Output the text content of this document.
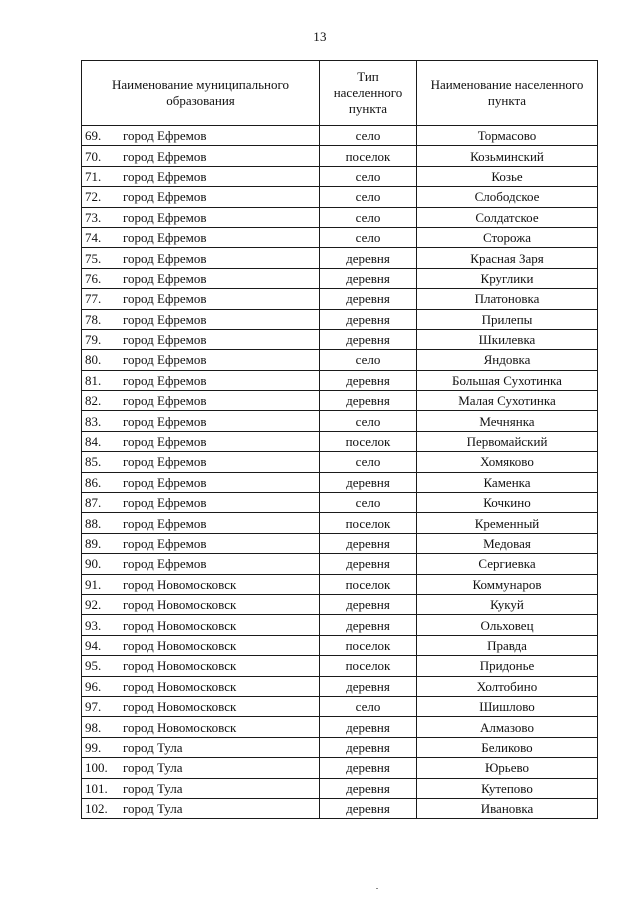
13
Наименование муниципального образования	Тип населенного пункта	Наименование населенного пункта
69. город Ефремов	село	Тормасово
70. город Ефремов	поселок	Козьминский
71. город Ефремов	село	Козье
72. город Ефремов	село	Слободское
73. город Ефремов	село	Солдатское
74. город Ефремов	село	Сторожа
75. город Ефремов	деревня	Красная Заря
76. город Ефремов	деревня	Круглики
77. город Ефремов	деревня	Платоновка
78. город Ефремов	деревня	Прилепы
79. город Ефремов	деревня	Шкилевка
80. город Ефремов	село	Яндовка
81. город Ефремов	деревня	Большая Сухотинка
82. город Ефремов	деревня	Малая Сухотинка
83. город Ефремов	село	Мечнянка
84. город Ефремов	поселок	Первомайский
85. город Ефремов	село	Хомяково
86. город Ефремов	деревня	Каменка
87. город Ефремов	село	Кочкино
88. город Ефремов	поселок	Кременный
89. город Ефремов	деревня	Медовая
90. город Ефремов	деревня	Сергиевка
91. город Новомосковск	поселок	Коммунаров
92. город Новомосковск	деревня	Кукуй
93. город Новомосковск	деревня	Ольховец
94. город Новомосковск	поселок	Правда
95. город Новомосковск	поселок	Придонье
96. город Новомосковск	деревня	Холтобино
97. город Новомосковск	село	Шишлово
98. город Новомосковск	деревня	Алмазово
99. город Тула	деревня	Беликово
100. город Тула	деревня	Юрьево
101. город Тула	деревня	Кутепово
102. город Тула	деревня	Ивановка
